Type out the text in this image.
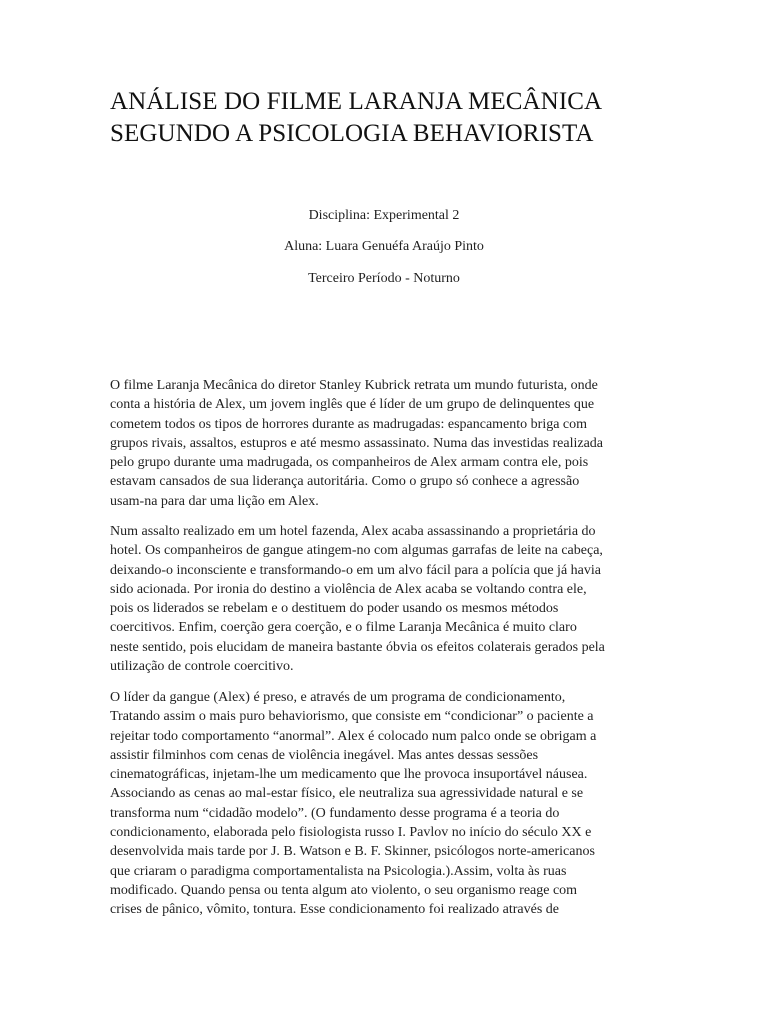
ANÁLISE DO FILME LARANJA MECÂNICA
SEGUNDO A PSICOLOGIA BEHAVIORISTA
Disciplina: Experimental 2
Aluna: Luara Genuéfa Araújo Pinto
Terceiro Período - Noturno
O filme Laranja Mecânica do diretor Stanley Kubrick retrata um mundo futurista, onde
conta a história de Alex, um jovem inglês que é líder de um grupo de delinquentes que
cometem todos os tipos de horrores durante as madrugadas: espancamento briga com
grupos rivais, assaltos, estupros e até mesmo assassinato. Numa das investidas realizada
pelo grupo durante uma madrugada, os companheiros de Alex armam contra ele, pois
estavam cansados de sua liderança autoritária. Como o grupo só conhece a agressão
usam-na para dar uma lição em Alex.
Num assalto realizado em um hotel fazenda, Alex acaba assassinando a proprietária do
hotel. Os companheiros de gangue atingem-no com algumas garrafas de leite na cabeça,
deixando-o inconsciente e transformando-o em um alvo fácil para a polícia que já havia
sido acionada. Por ironia do destino a violência de Alex acaba se voltando contra ele,
pois os liderados se rebelam e o destituem do poder usando os mesmos métodos
coercitivos. Enfim, coerção gera coerção, e o filme Laranja Mecânica é muito claro
neste sentido, pois elucidam de maneira bastante óbvia os efeitos colaterais gerados pela
utilização de controle coercitivo.
O líder da gangue (Alex) é preso, e através de um programa de condicionamento,
Tratando assim o mais puro behaviorismo, que consiste em “condicionar” o paciente a
rejeitar todo comportamento “anormal”. Alex é colocado num palco onde se obrigam a
assistir filminhos com cenas de violência inegável. Mas antes dessas sessões
cinematográficas, injetam-lhe um medicamento que lhe provoca insuportável náusea.
Associando as cenas ao mal-estar físico, ele neutraliza sua agressividade natural e se
transforma num “cidadão modelo”. (O fundamento desse programa é a teoria do
condicionamento, elaborada pelo fisiologista russo I. Pavlov no início do século XX e
desenvolvida mais tarde por J. B. Watson e B. F. Skinner, psicólogos norte-americanos
que criaram o paradigma comportamentalista na Psicologia.).Assim, volta às ruas
modificado. Quando pensa ou tenta algum ato violento, o seu organismo reage com
crises de pânico, vômito, tontura. Esse condicionamento foi realizado através de
